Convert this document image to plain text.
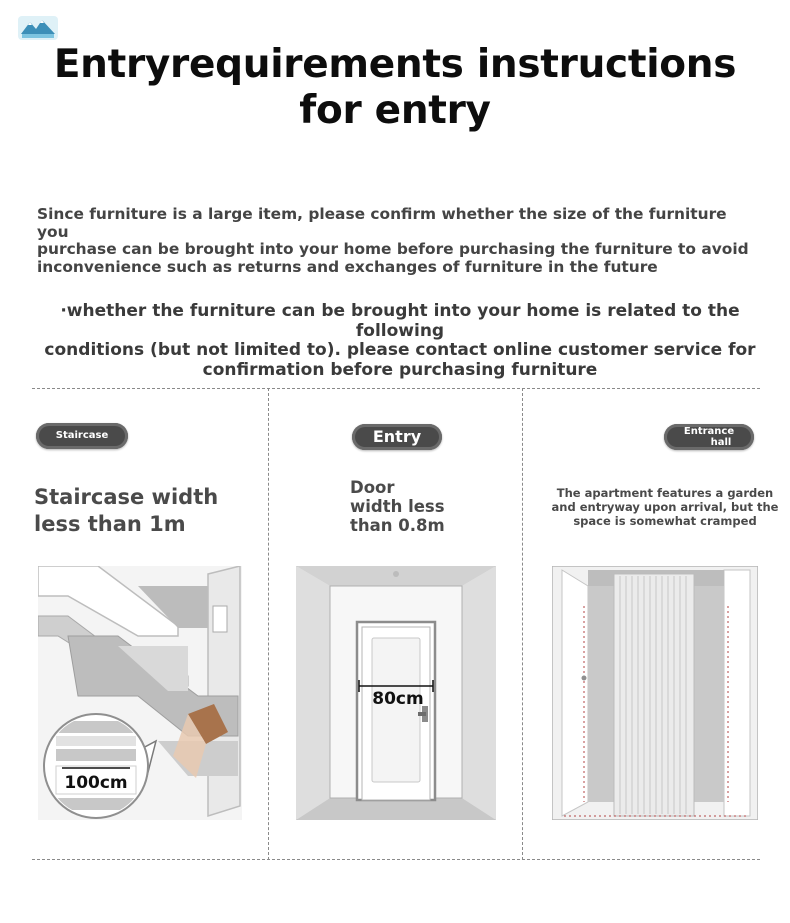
Entryrequirements instructions
for entry
Since furniture is a large item, please confirm whether the size of the furniture you
purchase can be brought into your home before purchasing the furniture to avoid
inconvenience such as returns and exchanges of furniture in the future
·whether the furniture can be brought into your home is related to the following
conditions (but not limited to). please contact online customer service for
confirmation before purchasing furniture
Staircase	Entry	Entrance
hall
Staircase width
less than 1m
Door
width less
than 0.8m
The apartment features a garden
and entryway upon arrival, but the
space is somewhat cramped
100cm
80cm
